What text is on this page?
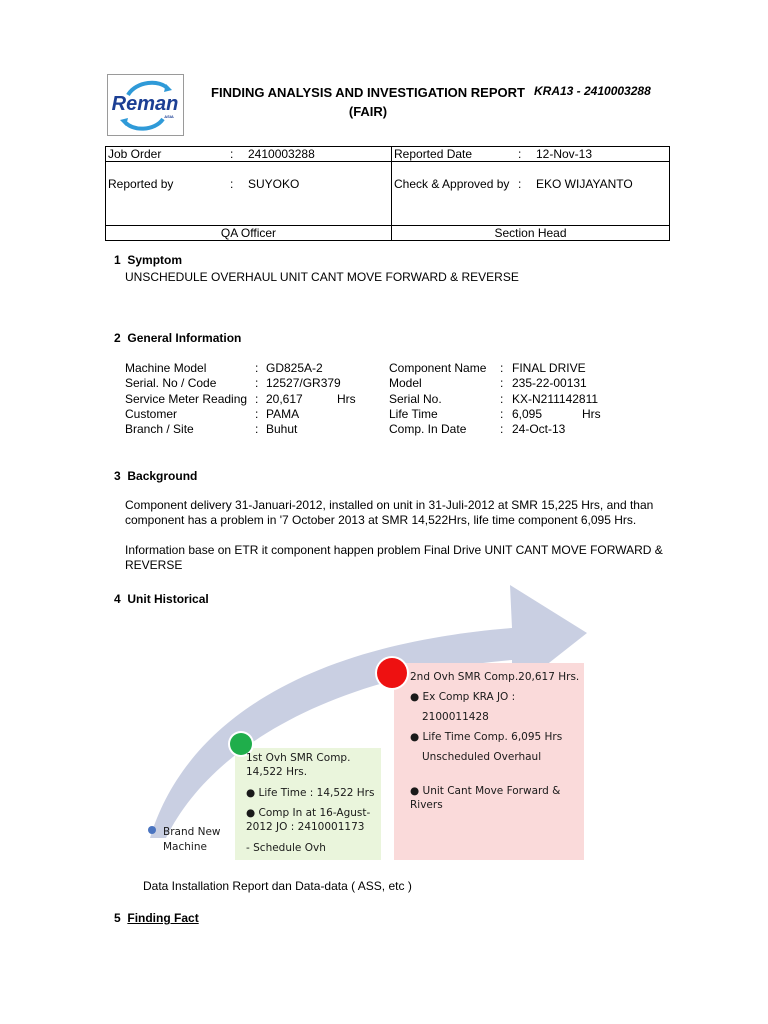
Reman
ASIA
FINDING ANALYSIS AND INVESTIGATION REPORT
(FAIR)
KRA13 - 2410003288
Job Order : 2410003288	Reported Date : 12-Nov-13
Reported by : SUYOKO	Check & Approved by : EKO WIJAYANTO
QA Officer	Section Head
1 Symptom
UNSCHEDULE OVERHAUL UNIT CANT MOVE FORWARD & REVERSE
2 General Information
Machine Model	: GD825A-2
Serial. No / Code	: 12527/GR379
Service Meter Reading : 20,617	Hrs
Customer	: PAMA
Branch / Site	: Buhut
Component Name : FINAL DRIVE
Model	: 235-22-00131
Serial No.	: KX-N211142811
Life Time	: 6,095	Hrs
Comp. In Date	: 24-Oct-13
3 Background
Component delivery 31-Januari-2012, installed on unit in 31-Juli-2012 at SMR 15,225 Hrs, and than
component has a problem in '7 October 2013 at SMR 14,522Hrs, life time component 6,095 Hrs.
Information base on ETR it component happen problem Final Drive UNIT CANT MOVE FORWARD &
REVERSE
4 Unit Historical
Brand New
Machine
1st Ovh SMR Comp.
14,522 Hrs.
● Life Time : 14,522 Hrs
● Comp In at 16-Agust-
2012 JO : 2410001173
- Schedule Ovh
2nd Ovh SMR Comp.20,617 Hrs.
● Ex Comp KRA JO :
2100011428
● Life Time Comp. 6,095 Hrs
Unscheduled Overhaul
● Unit Cant Move Forward &
Rivers
Data Installation Report dan Data-data ( ASS, etc )
5 Finding Fact
